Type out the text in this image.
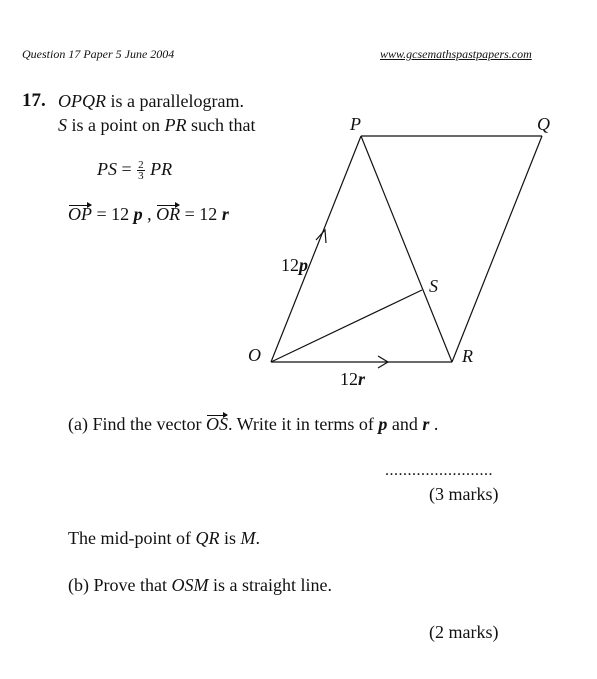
Question 17 Paper 5 June 2004	www.gcsemathspastpapers.com
17. OPQR is a parallelogram.
S is a point on PR such that
PS = $\frac{2}{3}$ PR
OP = 12 p , OR = 12 r
P	Q
O	R
S
12p
12r
(a) Find the vector OS. Write it in terms of p and r .
........................
(3 marks)
The mid-point of QR is M.
(b) Prove that OSM is a straight line.
(2 marks)
